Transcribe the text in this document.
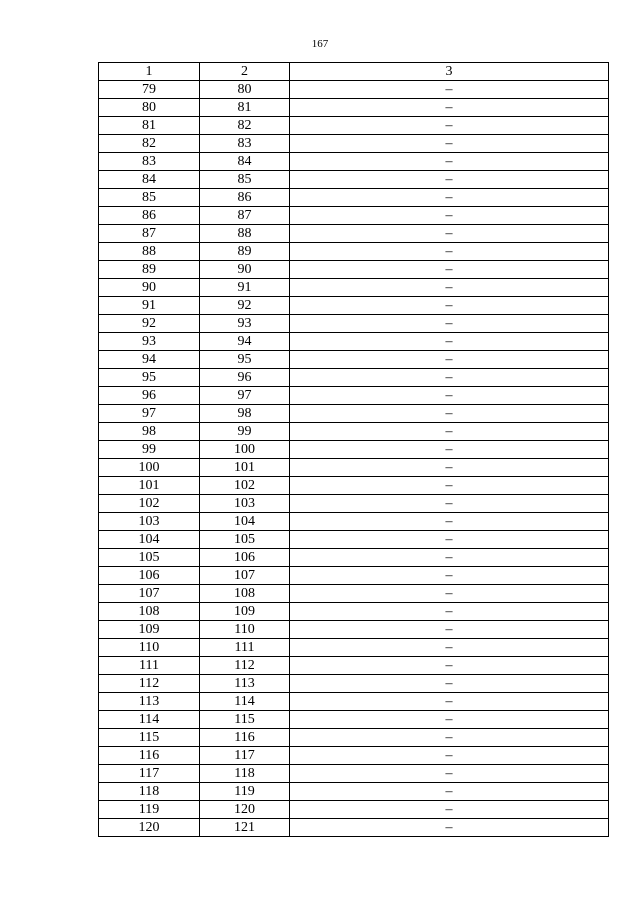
167
1	2	3
79	80	–
80	81	–
81	82	–
82	83	–
83	84	–
84	85	–
85	86	–
86	87	–
87	88	–
88	89	–
89	90	–
90	91	–
91	92	–
92	93	–
93	94	–
94	95	–
95	96	–
96	97	–
97	98	–
98	99	–
99	100	–
100	101	–
101	102	–
102	103	–
103	104	–
104	105	–
105	106	–
106	107	–
107	108	–
108	109	–
109	110	–
110	111	–
111	112	–
112	113	–
113	114	–
114	115	–
115	116	–
116	117	–
117	118	–
118	119	–
119	120	–
120	121	–
